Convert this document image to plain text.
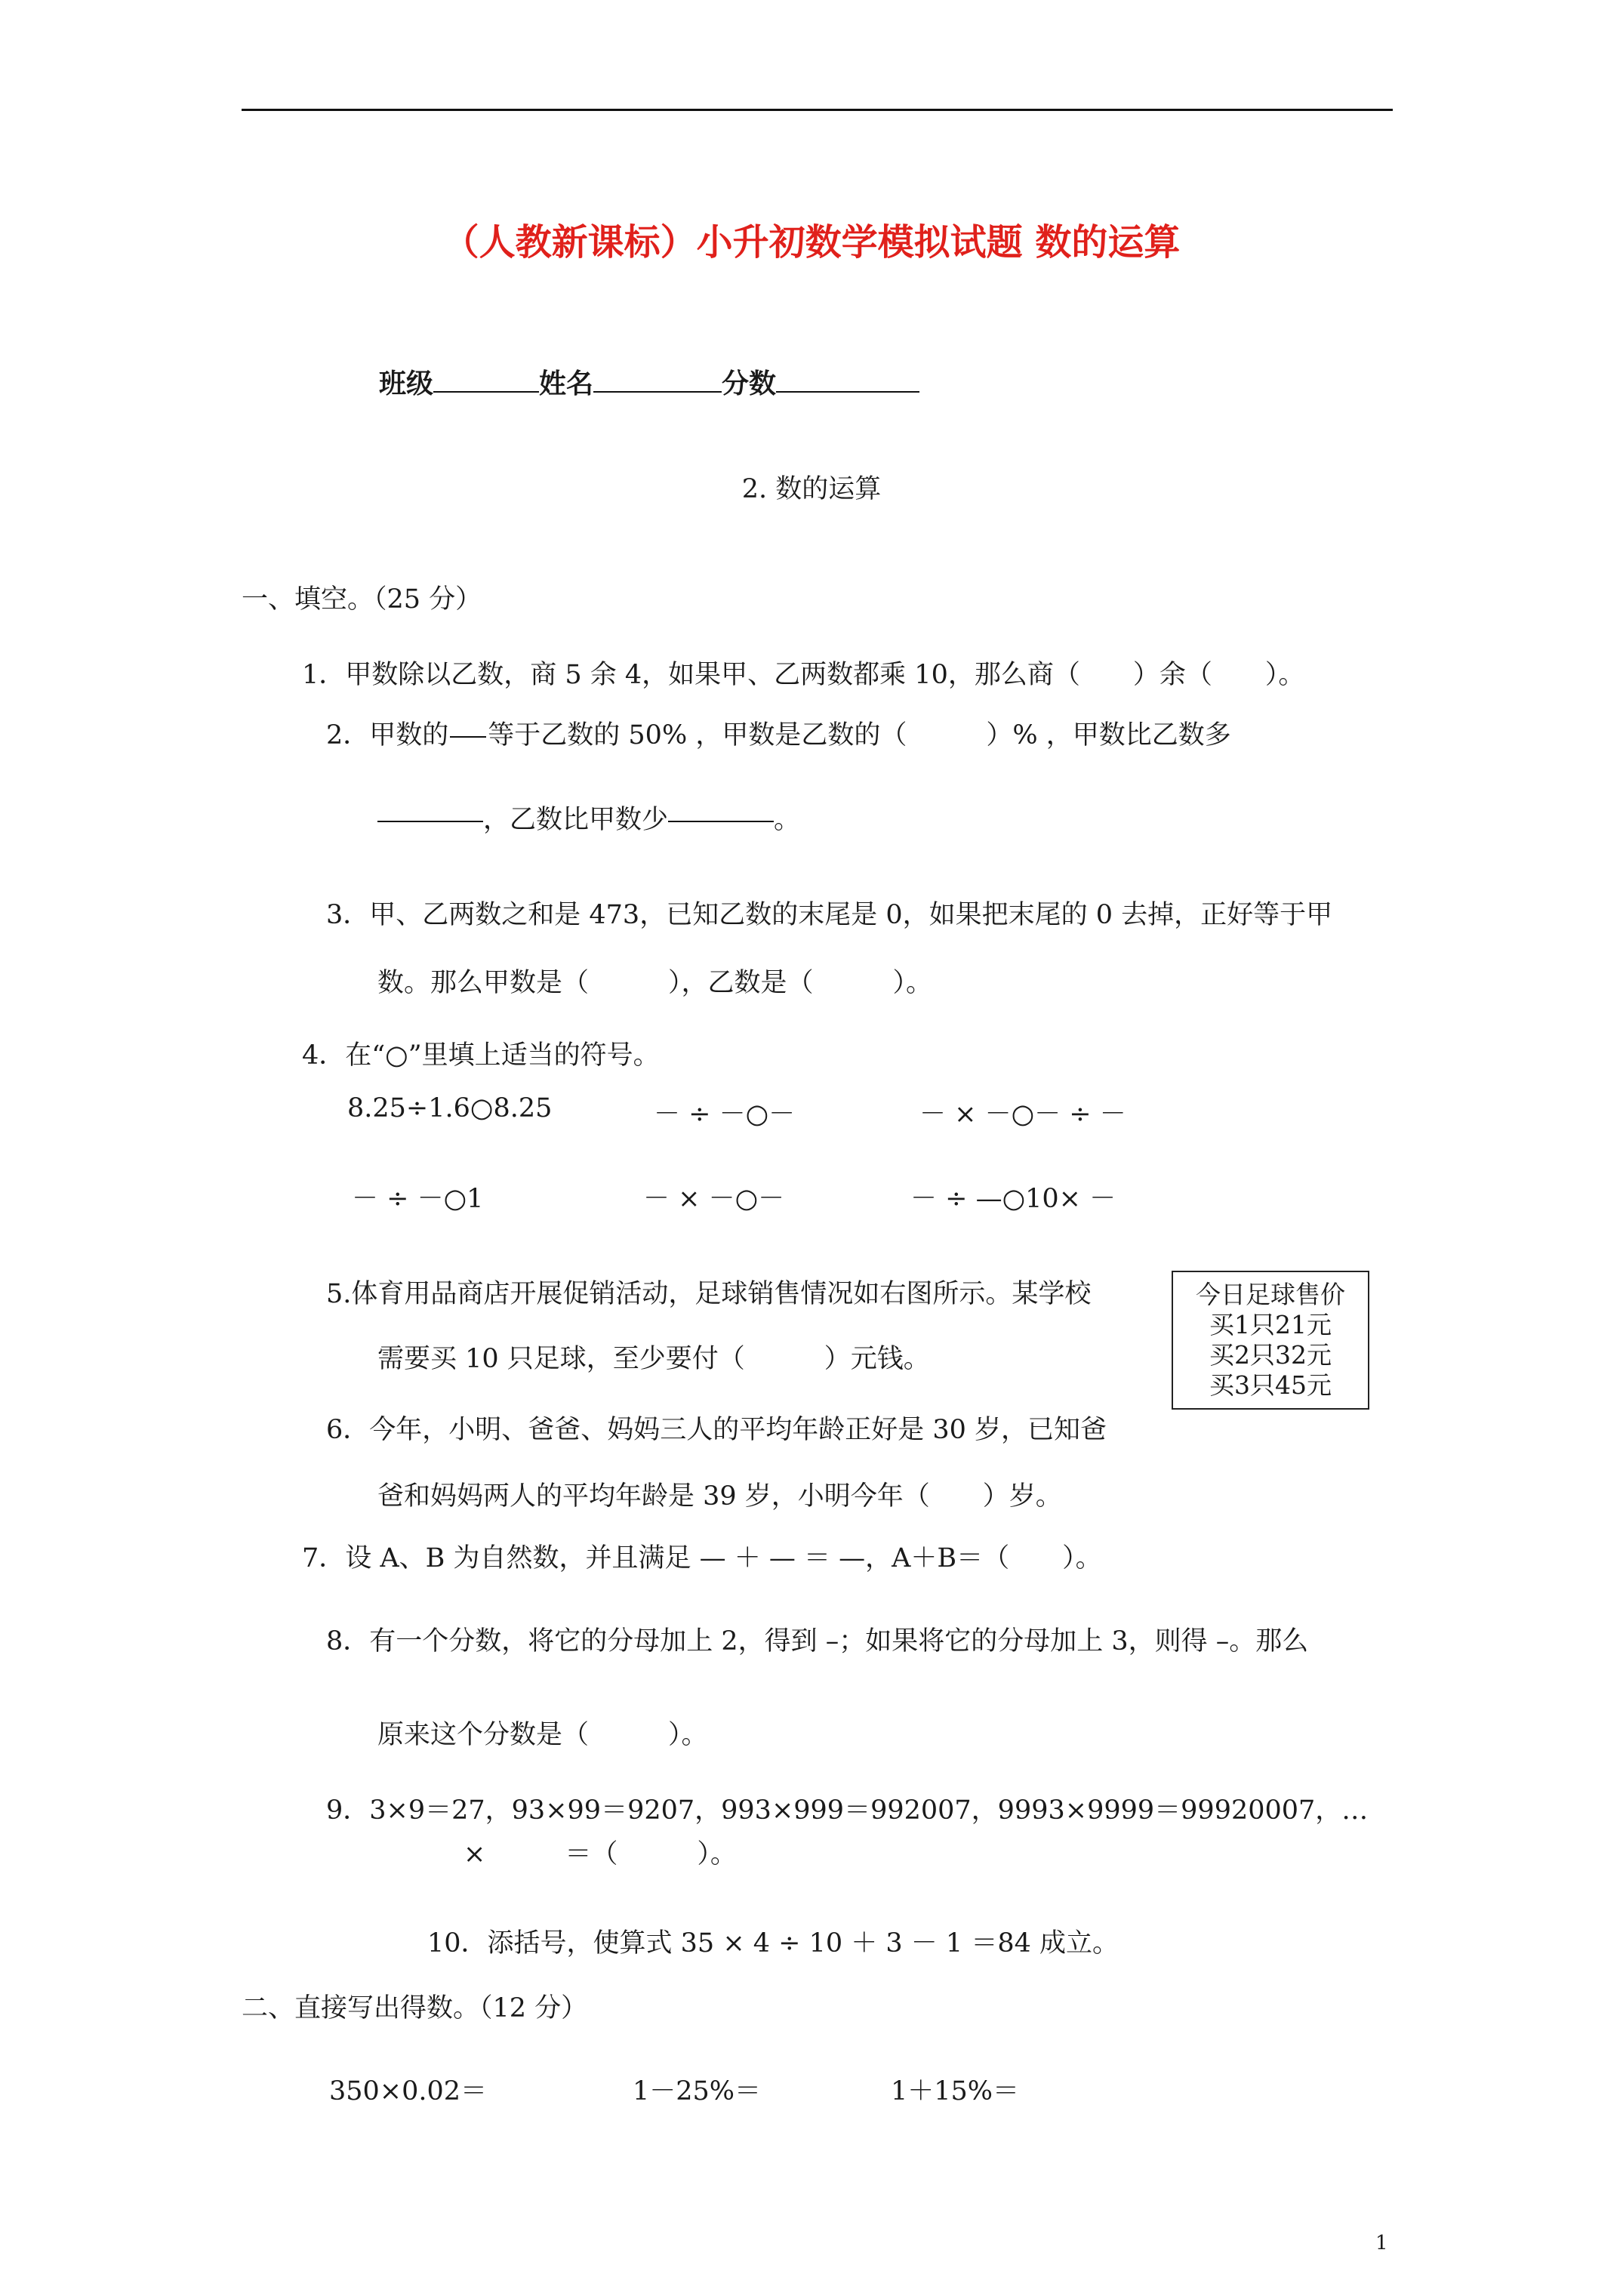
（人教新课标）小升初数学模拟试题 数的运算
班级	姓名	分数
2. 数的运算
一、填空。（25 分）
1．甲数除以乙数，商 5 余 4，如果甲、乙两数都乘 10，那么商（　　）余（　　）。
2．甲数的 等于乙数的 50% ，甲数是乙数的（　　　）% ，甲数比乙数多
，乙数比甲数少	。
3．甲、乙两数之和是 473，已知乙数的末尾是 0，如果把末尾的 0 去掉，正好等于甲
数。那么甲数是（　　　），乙数是（　　　）。
4．在“○”里填上适当的符号。
8.25÷1.6○8.25	－ ÷ －○－	－ × －○－ ÷ －
－ ÷ －○1	－ × －○－	－ ÷ —○10× －
5.体育用品商店开展促销活动，足球销售情况如右图所示。某学校
需要买 10 只足球，至少要付（　　　）元钱。
今日足球售价
买1只21元
买2只32元
买3只45元
6．今年，小明、爸爸、妈妈三人的平均年龄正好是 30 岁，已知爸
爸和妈妈两人的平均年龄是 39 岁，小明今年（　　）岁。
7．设 A、B 为自然数，并且满足 — ＋ — ＝ —，A＋B＝（　　）。
8．有一个分数，将它的分母加上 2，得到 –；如果将它的分母加上 3，则得 –。那么
原来这个分数是（　　　）。
9．3×9＝27，93×99＝9207，993×999＝992007，9993×9999＝99920007，…
×　　　＝（　　　）。
10．添括号，使算式 35 × 4 ÷ 10 ＋ 3 － 1 ＝84 成立。
二、直接写出得数。（12 分）
350×0.02＝	1－25%＝	1＋15%＝
1
